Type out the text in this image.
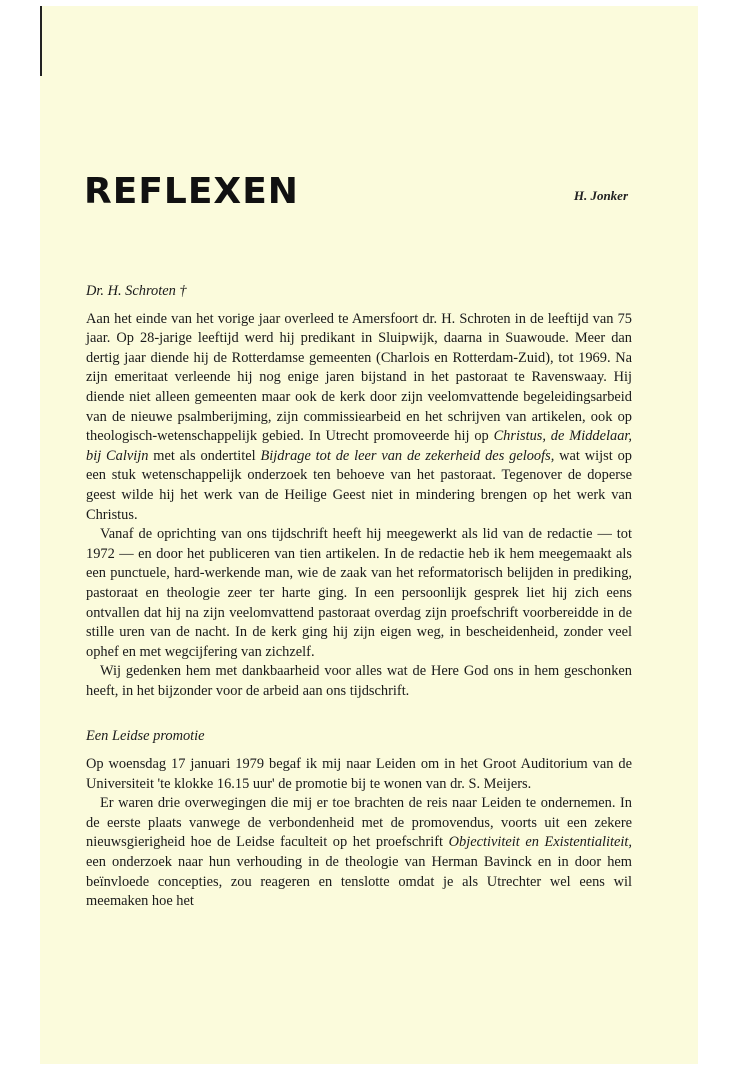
REFLEXEN	H. Jonker
Dr. H. Schroten †

Aan het einde van het vorige jaar overleed te Amersfoort dr. H. Schroten in de leeftijd van 75 jaar. Op 28-jarige leeftijd werd hij predikant in Sluipwijk, daarna in Suawoude. Meer dan dertig jaar diende hij de Rotterdamse gemeenten (Charlois en Rotterdam-Zuid), tot 1969. Na zijn emeritaat verleende hij nog enige jaren bijstand in het pastoraat te Ravenswaay. Hij diende niet alleen gemeenten maar ook de kerk door zijn veelomvattende begeleidingsarbeid van de nieuwe psalmberijming, zijn commissiearbeid en het schrijven van artikelen, ook op theologisch-wetenschappelijk gebied. In Utrecht promoveerde hij op Christus, de Middelaar, bij Calvijn met als ondertitel Bijdrage tot de leer van de zekerheid des geloofs, wat wijst op een stuk wetenschappelijk onderzoek ten behoeve van het pastoraat. Tegenover de doperse geest wilde hij het werk van de Heilige Geest niet in mindering brengen op het werk van Christus.

Vanaf de oprichting van ons tijdschrift heeft hij meegewerkt als lid van de redactie — tot 1972 — en door het publiceren van tien artikelen. In de redactie heb ik hem meegemaakt als een punctuele, hard-werkende man, wie de zaak van het reformatorisch belijden in prediking, pastoraat en theologie zeer ter harte ging. In een persoonlijk gesprek liet hij zich eens ontvallen dat hij na zijn veelomvattend pastoraat overdag zijn proefschrift voorbereidde in de stille uren van de nacht. In de kerk ging hij zijn eigen weg, in bescheidenheid, zonder veel ophef en met wegcijfering van zichzelf.

Wij gedenken hem met dankbaarheid voor alles wat de Here God ons in hem geschonken heeft, in het bijzonder voor de arbeid aan ons tijdschrift.

Een Leidse promotie

Op woensdag 17 januari 1979 begaf ik mij naar Leiden om in het Groot Auditorium van de Universiteit 'te klokke 16.15 uur' de promotie bij te wonen van dr. S. Meijers.

Er waren drie overwegingen die mij er toe brachten de reis naar Leiden te ondernemen. In de eerste plaats vanwege de verbondenheid met de promovendus, voorts uit een zekere nieuwsgierigheid hoe de Leidse faculteit op het proefschrift Objectiviteit en Existentialiteit, een onderzoek naar hun verhouding in de theologie van Herman Bavinck en in door hem beïnvloede concepties, zou reageren en tenslotte omdat je als Utrechter wel eens wil meemaken hoe het
